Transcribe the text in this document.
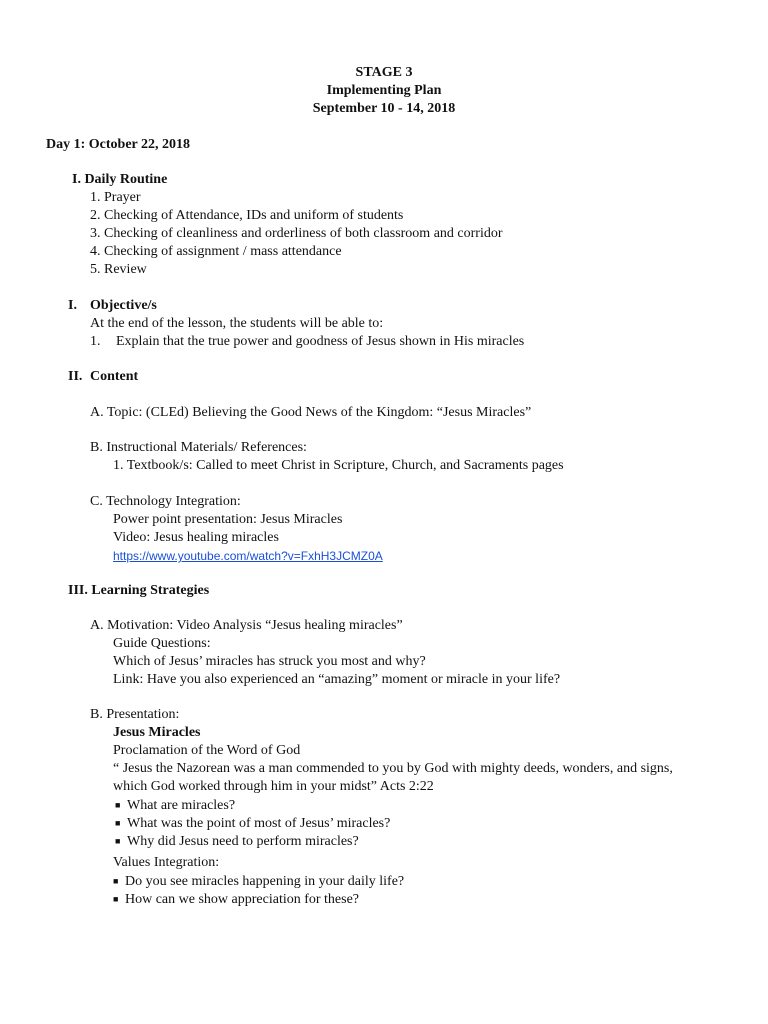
STAGE 3
Implementing Plan
September 10 - 14, 2018
Day 1: October 22, 2018
I. Daily Routine
1. Prayer
2. Checking of Attendance, IDs and uniform of students
3. Checking of cleanliness and orderliness of both classroom and corridor
4. Checking of assignment / mass attendance
5. Review
I. Objective/s
At the end of the lesson, the students will be able to:
1. Explain that the true power and goodness of Jesus shown in His miracles
II. Content
A. Topic: (CLEd) Believing the Good News of the Kingdom: “Jesus Miracles”
B. Instructional Materials/ References:
1. Textbook/s: Called to meet Christ in Scripture, Church, and Sacraments pages
C. Technology Integration:
Power point presentation: Jesus Miracles
Video: Jesus healing miracles
https://www.youtube.com/watch?v=FxhH3JCMZ0A
III. Learning Strategies
A. Motivation: Video Analysis “Jesus healing miracles”
Guide Questions:
Which of Jesus’ miracles has struck you most and why?
Link: Have you also experienced an “amazing” moment or miracle in your life?
B. Presentation:
Jesus Miracles
Proclamation of the Word of God
“ Jesus the Nazorean was a man commended to you by God with mighty deeds, wonders, and signs,
which God worked through him in your midst” Acts 2:22
■ What are miracles?
■ What was the point of most of Jesus’ miracles?
■ Why did Jesus need to perform miracles?
Values Integration:
■ Do you see miracles happening in your daily life?
■ How can we show appreciation for these?
